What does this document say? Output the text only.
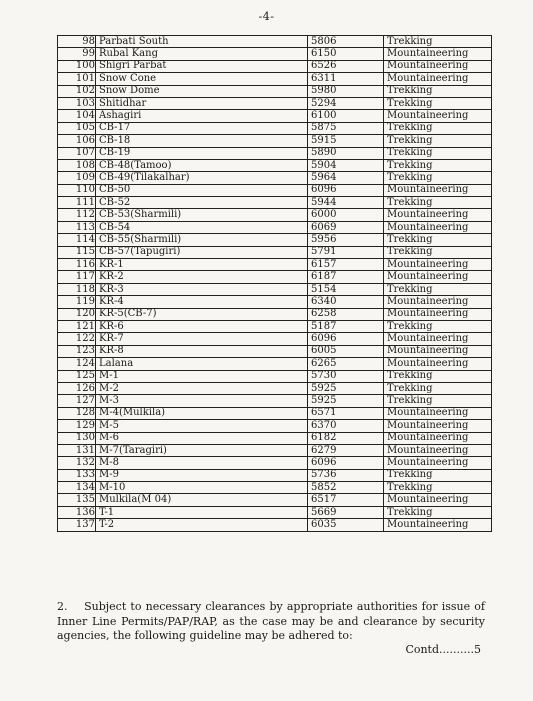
-4-
98	Parbati South	5806	Trekking
99	Rubal Kang	6150	Mountaineering
100	Shigri Parbat	6526	Mountaineering
101	Snow Cone	6311	Mountaineering
102	Snow Dome	5980	Trekking
103	Shitidhar	5294	Trekking
104	Ashagiri	6100	Mountaineering
105	CB-17	5875	Trekking
106	CB-18	5915	Trekking
107	CB-19	5890	Trekking
108	CB-48(Tamoo)	5904	Trekking
109	CB-49(Tilakalhar)	5964	Trekking
110	CB-50	6096	Mountaineering
111	CB-52	5944	Trekking
112	CB-53(Sharmili)	6000	Mountaineering
113	CB-54	6069	Mountaineering
114	CB-55(Sharmili)	5956	Trekking
115	CB-57(Tapugiri)	5791	Trekking
116	KR-1	6157	Mountaineering
117	KR-2	6187	Mountaineering
118	KR-3	5154	Trekking
119	KR-4	6340	Mountaineering
120	KR-5(CB-7)	6258	Mountaineering
121	KR-6	5187	Trekking
122	KR-7	6096	Mountaineering
123	KR-8	6005	Mountaineering
124	Lalana	6265	Mountaineering
125	M-1	5730	Trekking
126	M-2	5925	Trekking
127	M-3	5925	Trekking
128	M-4(Mulkila)	6571	Mountaineering
129	M-5	6370	Mountaineering
130	M-6	6182	Mountaineering
131	M-7(Taragiri)	6279	Mountaineering
132	M-8	6096	Mountaineering
133	M-9	5736	Trekking
134	M-10	5852	Trekking
135	Mulkila(M 04)	6517	Mountaineering
136	T-1	5669	Trekking
137	T-2	6035	Mountaineering
2.    Subject to necessary clearances by appropriate authorities for issue of Inner Line Permits/PAP/RAP, as the case may be and clearance by security agencies, the following guideline may be adhered to:
Contd..........5
